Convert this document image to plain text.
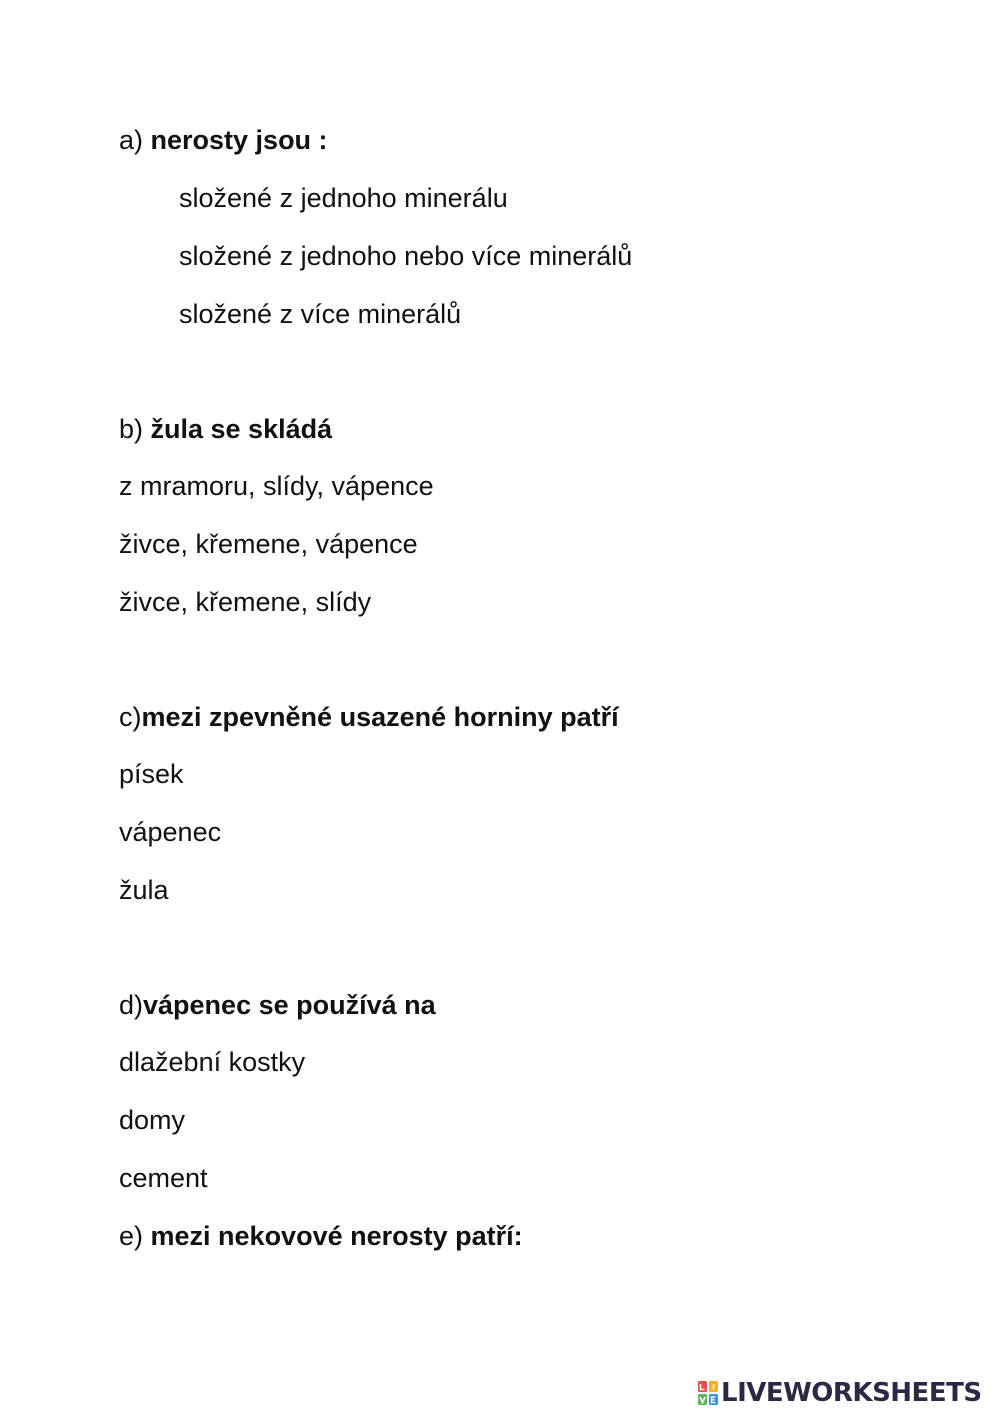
a) nerosty jsou :
složené z jednoho minerálu
složené z jednoho nebo více minerálů
složené z více minerálů
b) žula se skládá
z mramoru, slídy, vápence
živce, křemene, vápence
živce, křemene, slídy
c)mezi zpevněné usazené horniny patří
písek
vápenec
žula
d)vápenec se používá na
dlažební kostky
domy
cement
e) mezi nekovové nerosty patří:
LIVEWORKSHEETS
